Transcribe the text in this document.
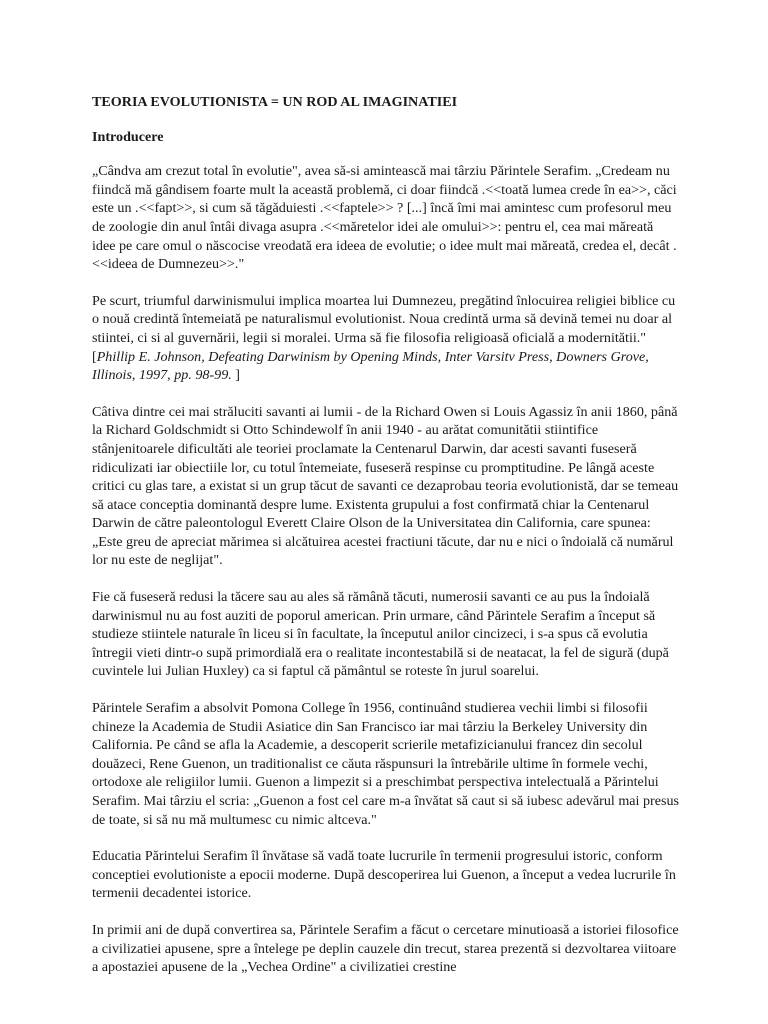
TEORIA EVOLUTIONISTA = UN ROD AL IMAGINATIEI

Introducere

„Cândva am crezut total în evolutie", avea să-si amintească mai târziu Părintele Serafim. „Credeam nu fiindcă mă gândisem foarte mult la această problemă, ci doar fiindcă .<<toată lumea crede în ea>>, căci este un .<<fapt>>, si cum să tăgăduiesti .<<faptele>> ? [...] încă îmi mai amintesc cum profesorul meu de zoologie din anul întâi divaga asupra .<<măretelor idei ale omului>>: pentru el, cea mai măreată idee pe care omul o născocise vreodată era ideea de evolutie; o idee mult mai măreată, credea el, decât .<<ideea de Dumnezeu>>."

Pe scurt, triumful darwinismului implica moartea lui Dumnezeu, pregătind înlocuirea religiei biblice cu o nouă credintă întemeiată pe naturalismul evolutionist. Noua credintă urma să devină temei nu doar al stiintei, ci si al guvernării, legii si moralei. Urma să fie filosofia religioasă oficială a modernitătii." [Phillip E. Johnson, Defeating Darwinism by Opening Minds, Inter Varsitv Press, Downers Grove, Illinois, 1997, pp. 98-99. ]

Câtiva dintre cei mai străluciti savanti ai lumii - de la Richard Owen si Louis Agassiz în anii 1860, până la Richard Goldschmidt si Otto Schindewolf în anii 1940 - au arătat comunitătii stiintifice stânjenitoarele dificultăti ale teoriei proclamate la Centenarul Darwin, dar acesti savanti fuseseră ridiculizati iar obiectiile lor, cu totul întemeiate, fuseseră respinse cu promptitudine. Pe lângă aceste critici cu glas tare, a existat si un grup tăcut de savanti ce dezaprobau teoria evolutionistă, dar se temeau să atace conceptia dominantă despre lume. Existenta grupului a fost confirmată chiar la Centenarul Darwin de către paleontologul Everett Claire Olson de la Universitatea din California, care spunea: „Este greu de apreciat mărimea si alcătuirea acestei fractiuni tăcute, dar nu e nici o îndoială că numărul lor nu este de neglijat".

Fie că fuseseră redusi la tăcere sau au ales să rămână tăcuti, numerosii savanti ce au pus la îndoială darwinismul nu au fost auziti de poporul american. Prin urmare, când Părintele Serafim a început să studieze stiintele naturale în liceu si în facultate, la începutul anilor cincizeci, i s-a spus că evolutia întregii vieti dintr-o supă primordială era o realitate incontestabilă si de neatacat, la fel de sigură (după cuvintele lui Julian Huxley) ca si faptul că pământul se roteste în jurul soarelui.

Părintele Serafim a absolvit Pomona College în 1956, continuând studierea vechii limbi si filosofii chineze la Academia de Studii Asiatice din San Francisco iar mai târziu la Berkeley University din California. Pe când se afla la Academie, a descoperit scrierile metafizicianului francez din secolul douăzeci, Rene Guenon, un traditionalist ce căuta răspunsuri la întrebările ultime în formele vechi, ortodoxe ale religiilor lumii. Guenon a limpezit si a preschimbat perspectiva intelectuală a Părintelui Serafim. Mai târziu el scria: „Guenon a fost cel care m-a învătat să caut si să iubesc adevărul mai presus de toate, si să nu mă multumesc cu nimic altceva."

Educatia Părintelui Serafim îl învătase să vadă toate lucrurile în termenii progresului istoric, conform conceptiei evolutioniste a epocii moderne. După descoperirea lui Guenon, a început a vedea lucrurile în termenii decadentei istorice.

In primii ani de după convertirea sa, Părintele Serafim a făcut o cercetare minutioasă a istoriei filosofice a civilizatiei apusene, spre a întelege pe deplin cauzele din trecut, starea prezentă si dezvoltarea viitoare a apostaziei apusene de la „Vechea Ordine" a civilizatiei crestine
